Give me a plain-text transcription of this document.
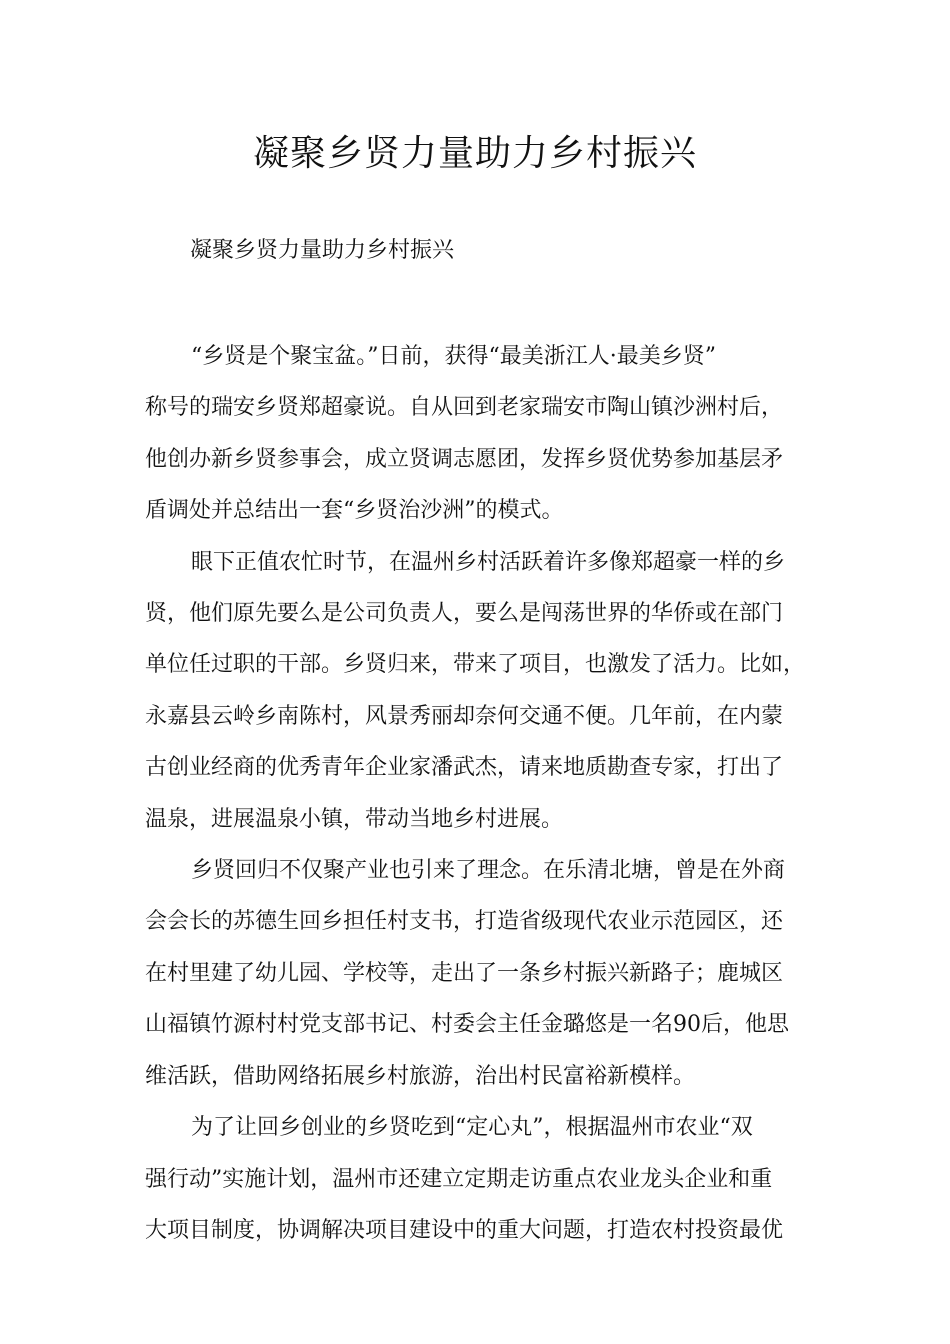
凝聚乡贤力量助力乡村振兴

凝聚乡贤力量助力乡村振兴

“乡贤是个聚宝盆。”日前，获得“最美浙江人·最美乡贤”
称号的瑞安乡贤郑超豪说。自从回到老家瑞安市陶山镇沙洲村后，
他创办新乡贤参事会，成立贤调志愿团，发挥乡贤优势参加基层矛
盾调处并总结出一套“乡贤治沙洲”的模式。

眼下正值农忙时节，在温州乡村活跃着许多像郑超豪一样的乡
贤，他们原先要么是公司负责人，要么是闯荡世界的华侨或在部门
单位任过职的干部。乡贤归来，带来了项目，也激发了活力。比如，
永嘉县云岭乡南陈村，风景秀丽却奈何交通不便。几年前，在内蒙
古创业经商的优秀青年企业家潘武杰，请来地质勘查专家，打出了
温泉，进展温泉小镇，带动当地乡村进展。

乡贤回归不仅聚产业也引来了理念。在乐清北塘，曾是在外商
会会长的苏德生回乡担任村支书，打造省级现代农业示范园区，还
在村里建了幼儿园、学校等，走出了一条乡村振兴新路子；鹿城区
山福镇竹源村村党支部书记、村委会主任金璐悠是一名90后，他思
维活跃，借助网络拓展乡村旅游，治出村民富裕新模样。

为了让回乡创业的乡贤吃到“定心丸”，根据温州市农业“双
强行动”实施计划，温州市还建立定期走访重点农业龙头企业和重
大项目制度，协调解决项目建设中的重大问题，打造农村投资最优
